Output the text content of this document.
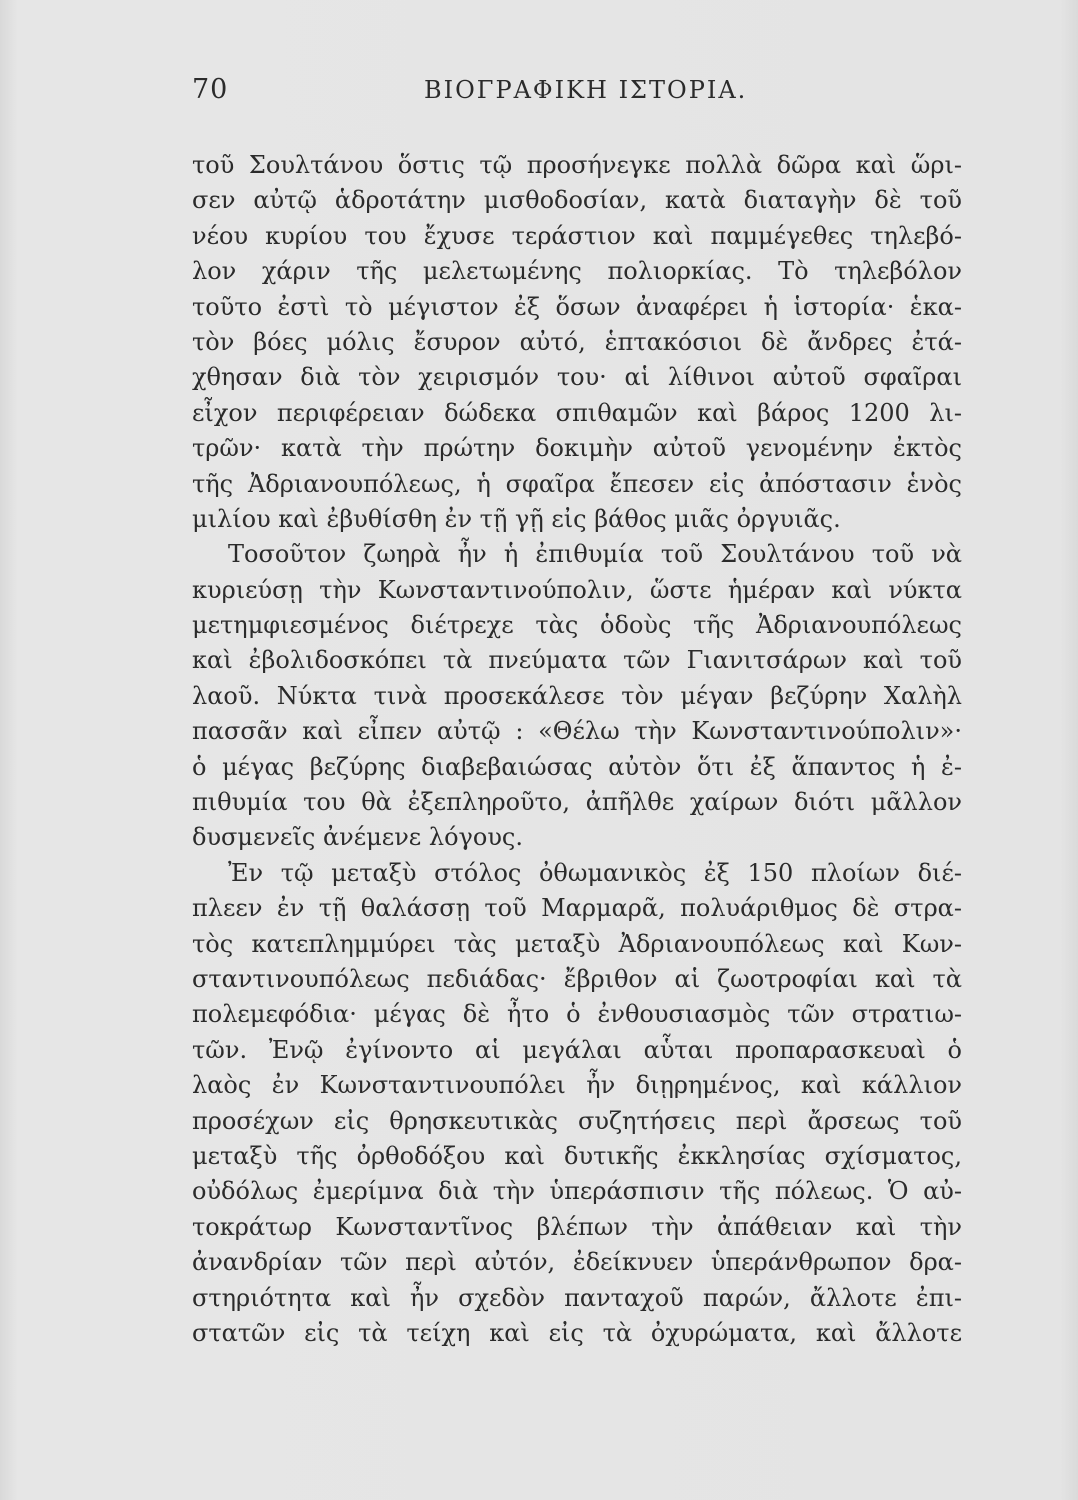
70	ΒΙΟΓΡΑΦΙΚΗ ΙΣΤΟΡΙΑ.
τοῦ Σουλτάνου ὅστις τῷ προσήνεγκε πολλὰ δῶρα καὶ ὥρι-
σεν αὐτῷ ἁδροτάτην μισθοδοσίαν, κατὰ διαταγὴν δὲ τοῦ
νέου κυρίου του ἔχυσε τεράστιον καὶ παμμέγεθες τηλεβό-
λον χάριν τῆς μελετωμένης πολιορκίας. Τὸ τηλεβόλον
τοῦτο ἐστὶ τὸ μέγιστον ἐξ ὅσων ἀναφέρει ἡ ἱστορία· ἑκα-
τὸν βόες μόλις ἔσυρον αὐτό, ἑπτακόσιοι δὲ ἄνδρες ἐτά-
χθησαν διὰ τὸν χειρισμόν του· αἱ λίθινοι αὐτοῦ σφαῖραι
εἶχον περιφέρειαν δώδεκα σπιθαμῶν καὶ βάρος 1200 λι-
τρῶν· κατὰ τὴν πρώτην δοκιμὴν αὐτοῦ γενομένην ἐκτὸς
τῆς Ἀδριανουπόλεως, ἡ σφαῖρα ἔπεσεν εἰς ἀπόστασιν ἑνὸς
μιλίου καὶ ἐβυθίσθη ἐν τῇ γῇ εἰς βάθος μιᾶς ὀργυιᾶς.
Τοσοῦτον ζωηρὰ ἦν ἡ ἐπιθυμία τοῦ Σουλτάνου τοῦ νὰ
κυριεύσῃ τὴν Κωνσταντινούπολιν, ὥστε ἡμέραν καὶ νύκτα
μετημφιεσμένος διέτρεχε τὰς ὁδοὺς τῆς Ἀδριανουπόλεως
καὶ ἐβολιδοσκόπει τὰ πνεύματα τῶν Γιανιτσάρων καὶ τοῦ
λαοῦ. Νύκτα τινὰ προσεκάλεσε τὸν μέγαν βεζύρην Χαλὴλ
πασσᾶν καὶ εἶπεν αὐτῷ : «Θέλω τὴν Κωνσταντινούπολιν»·
ὁ μέγας βεζύρης διαβεβαιώσας αὐτὸν ὅτι ἐξ ἅπαντος ἡ ἐ-
πιθυμία του θὰ ἐξεπληροῦτο, ἀπῆλθε χαίρων διότι μᾶλλον
δυσμενεῖς ἀνέμενε λόγους.
Ἐν τῷ μεταξὺ στόλος ὀθωμανικὸς ἐξ 150 πλοίων διέ-
πλεεν ἐν τῇ θαλάσσῃ τοῦ Μαρμαρᾶ, πολυάριθμος δὲ στρα-
τὸς κατεπλημμύρει τὰς μεταξὺ Ἀδριανουπόλεως καὶ Κων-
σταντινουπόλεως πεδιάδας· ἔβριθον αἱ ζωοτροφίαι καὶ τὰ
πολεμεφόδια· μέγας δὲ ἦτο ὁ ἐνθουσιασμὸς τῶν στρατιω-
τῶν. Ἐνῷ ἐγίνοντο αἱ μεγάλαι αὗται προπαρασκευαὶ ὁ
λαὸς ἐν Κωνσταντινουπόλει ἦν διῃρημένος, καὶ κάλλιον
προσέχων εἰς θρησκευτικὰς συζητήσεις περὶ ἄρσεως τοῦ
μεταξὺ τῆς ὀρθοδόξου καὶ δυτικῆς ἐκκλησίας σχίσματος,
οὐδόλως ἐμερίμνα διὰ τὴν ὑπεράσπισιν τῆς πόλεως. Ὁ αὐ-
τοκράτωρ Κωνσταντῖνος βλέπων τὴν ἀπάθειαν καὶ τὴν
ἀνανδρίαν τῶν περὶ αὐτόν, ἐδείκνυεν ὑπεράνθρωπον δρα-
στηριότητα καὶ ἦν σχεδὸν πανταχοῦ παρών, ἄλλοτε ἐπι-
στατῶν εἰς τὰ τείχη καὶ εἰς τὰ ὀχυρώματα, καὶ ἄλλοτε
